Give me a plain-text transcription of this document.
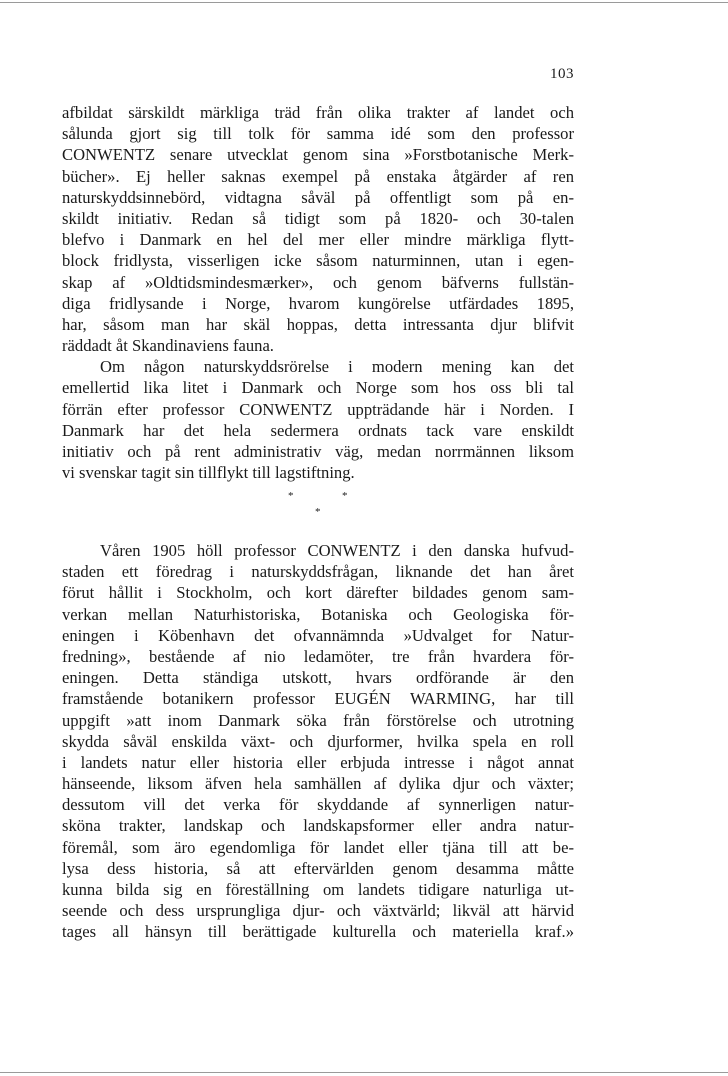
103
afbildat särskildt märkliga träd från olika trakter af landet och
sålunda gjort sig till tolk för samma idé som den professor
CONWENTZ senare utvecklat genom sina »Forstbotanische Merk-
bücher». Ej heller saknas exempel på enstaka åtgärder af ren
naturskyddsinnebörd, vidtagna såväl på offentligt som på en-
skildt initiativ. Redan så tidigt som på 1820- och 30-talen
blefvo i Danmark en hel del mer eller mindre märkliga flytt-
block fridlysta, visserligen icke såsom naturminnen, utan i egen-
skap af »Oldtidsmindesmærker», och genom bäfverns fullstän-
diga fridlysande i Norge, hvarom kungörelse utfärdades 1895,
har, såsom man har skäl hoppas, detta intressanta djur blifvit
räddadt åt Skandinaviens fauna.
Om någon naturskyddsrörelse i modern mening kan det
emellertid lika litet i Danmark och Norge som hos oss bli tal
förrän efter professor CONWENTZ uppträdande här i Norden. I
Danmark har det hela sedermera ordnats tack vare enskildt
initiativ och på rent administrativ väg, medan norrmännen liksom
vi svenskar tagit sin tillflykt till lagstiftning.
*	*
*
Våren 1905 höll professor CONWENTZ i den danska hufvud-
staden ett föredrag i naturskyddsfrågan, liknande det han året
förut hållit i Stockholm, och kort därefter bildades genom sam-
verkan mellan Naturhistoriska, Botaniska och Geologiska för-
eningen i Köbenhavn det ofvannämnda »Udvalget for Natur-
fredning», bestående af nio ledamöter, tre från hvardera för-
eningen. Detta ständiga utskott, hvars ordförande är den
framstående botanikern professor EUGÉN WARMING, har till
uppgift »att inom Danmark söka från förstörelse och utrotning
skydda såväl enskilda växt- och djurformer, hvilka spela en roll
i landets natur eller historia eller erbjuda intresse i något annat
hänseende, liksom äfven hela samhällen af dylika djur och växter;
dessutom vill det verka för skyddande af synnerligen natur-
sköna trakter, landskap och landskapsformer eller andra natur-
föremål, som äro egendomliga för landet eller tjäna till att be-
lysa dess historia, så att eftervärlden genom desamma måtte
kunna bilda sig en föreställning om landets tidigare naturliga ut-
seende och dess ursprungliga djur- och växtvärld; likväl att härvid
tages all hänsyn till berättigade kulturella och materiella kraf.»
